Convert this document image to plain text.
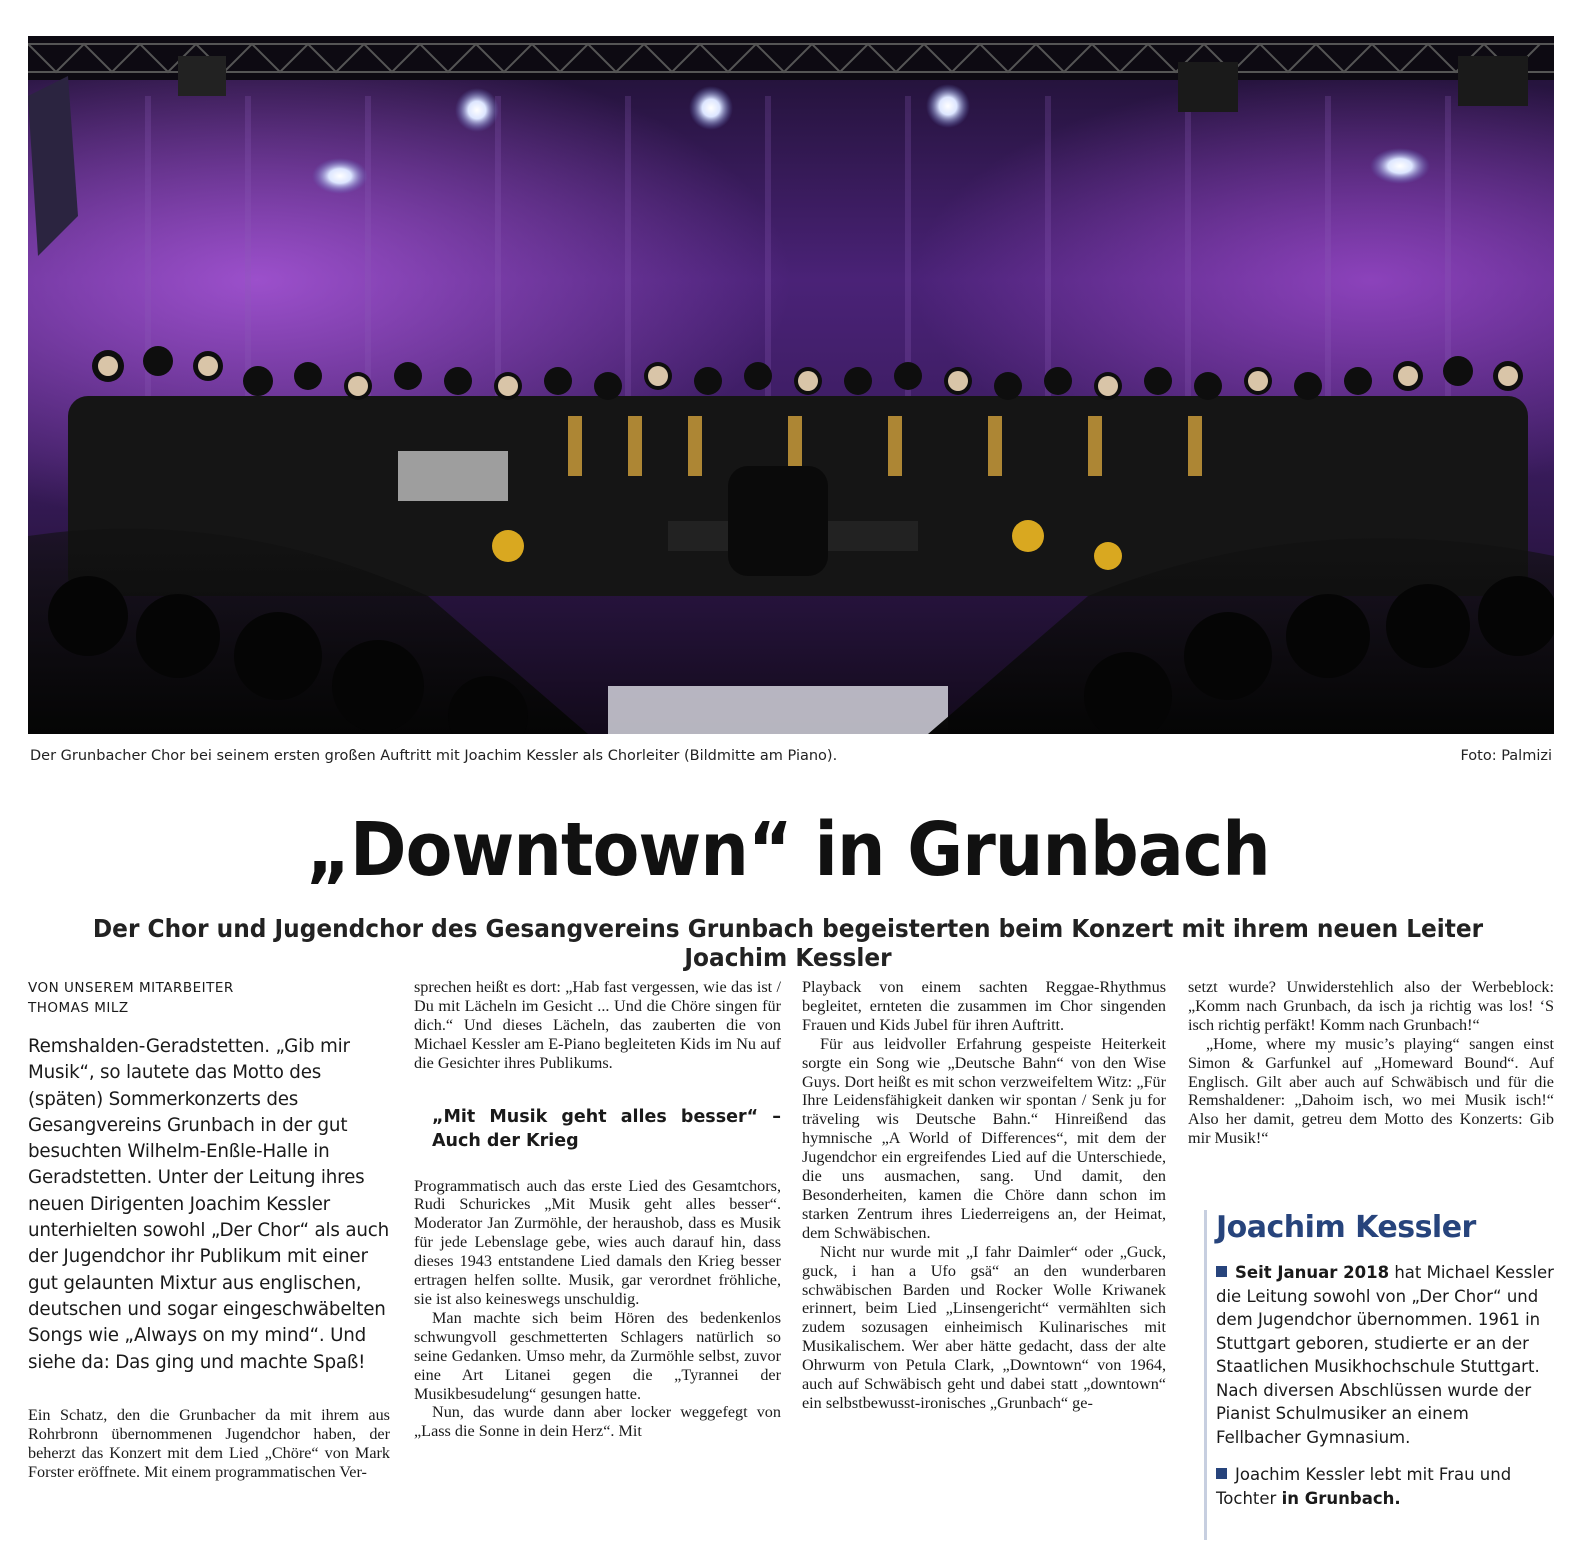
Der Grunbacher Chor bei seinem ersten großen Auftritt mit Joachim Kessler als Chorleiter (Bildmitte am Piano).	Foto: Palmizi
„Downtown“ in Grunbach
Der Chor und Jugendchor des Gesangvereins Grunbach begeisterten beim Konzert mit ihrem neuen Leiter Joachim Kessler
VON UNSEREM MITARBEITER
THOMAS MILZ
Remshalden-Geradstetten. „Gib mir Musik“, so lautete das Motto des (späten) Sommerkonzerts des Gesangvereins Grunbach in der gut besuchten Wilhelm-Enßle-Halle in Geradstetten. Unter der Leitung ihres neuen Dirigenten Joachim Kessler unterhielten sowohl „Der Chor“ als auch der Jugendchor ihr Publikum mit einer gut gelaunten Mixtur aus englischen, deutschen und sogar eingeschwäbelten Songs wie „Always on my mind“. Und siehe da: Das ging und machte Spaß!

Ein Schatz, den die Grunbacher da mit ihrem aus Rohrbronn übernommenen Jugendchor haben, der beherzt das Konzert mit dem Lied „Chöre“ von Mark Forster eröffnete. Mit einem programmatischen Ver-

sprechen heißt es dort: „Hab fast vergessen, wie das ist / Du mit Lächeln im Gesicht ... Und die Chöre singen für dich.“ Und dieses Lächeln, das zauberten die von Michael Kessler am E-Piano begleiteten Kids im Nu auf die Gesichter ihres Publikums.

„Mit Musik geht alles besser“ – Auch der Krieg

Programmatisch auch das erste Lied des Gesamtchors, Rudi Schurickes „Mit Musik geht alles besser“. Moderator Jan Zurmöhle, der heraushob, dass es Musik für jede Lebenslage gebe, wies auch darauf hin, dass dieses 1943 entstandene Lied damals den Krieg besser ertragen helfen sollte. Musik, gar verordnet fröhliche, sie ist also keineswegs unschuldig.

Man machte sich beim Hören des bedenkenlos schwungvoll geschmetterten Schlagers natürlich so seine Gedanken. Umso mehr, da Zurmöhle selbst, zuvor eine Art Litanei gegen die „Tyrannei der Musikbesudelung“ gesungen hatte.

Nun, das wurde dann aber locker weggefegt von „Lass die Sonne in dein Herz“. Mit

Playback von einem sachten Reggae-Rhythmus begleitet, ernteten die zusammen im Chor singenden Frauen und Kids Jubel für ihren Auftritt.

Für aus leidvoller Erfahrung gespeiste Heiterkeit sorgte ein Song wie „Deutsche Bahn“ von den Wise Guys. Dort heißt es mit schon verzweifeltem Witz: „Für Ihre Leidensfähigkeit danken wir spontan / Senk ju for träveling wis Deutsche Bahn.“ Hinreißend das hymnische „A World of Differences“, mit dem der Jugendchor ein ergreifendes Lied auf die Unterschiede, die uns ausmachen, sang. Und damit, den Besonderheiten, kamen die Chöre dann schon im starken Zentrum ihres Liederreigens an, der Heimat, dem Schwäbischen.

Nicht nur wurde mit „I fahr Daimler“ oder „Guck, guck, i han a Ufo gsä“ an den wunderbaren schwäbischen Barden und Rocker Wolle Kriwanek erinnert, beim Lied „Linsengericht“ vermählten sich zudem sozusagen einheimisch Kulinarisches mit Musikalischem. Wer aber hätte gedacht, dass der alte Ohrwurm von Petula Clark, „Downtown“ von 1964, auch auf Schwäbisch geht und dabei statt „downtown“ ein selbstbewusst-ironisches „Grunbach“ ge-

setzt wurde? Unwiderstehlich also der Werbeblock: „Komm nach Grunbach, da isch ja richtig was los! ‘S isch richtig perfäkt! Komm nach Grunbach!“

„Home, where my music’s playing“ sangen einst Simon & Garfunkel auf „Homeward Bound“. Auf Englisch. Gilt aber auch auf Schwäbisch und für die Remshaldener: „Dahoim isch, wo mei Musik isch!“ Also her damit, getreu dem Motto des Konzerts: Gib mir Musik!“

Joachim Kessler
Seit Januar 2018 hat Michael Kessler die Leitung sowohl von „Der Chor“ und dem Jugendchor übernommen. 1961 in Stuttgart geboren, studierte er an der Staatlichen Musikhochschule Stuttgart. Nach diversen Abschlüssen wurde der Pianist Schulmusiker an einem Fellbacher Gymnasium.
Joachim Kessler lebt mit Frau und Tochter in Grunbach.
